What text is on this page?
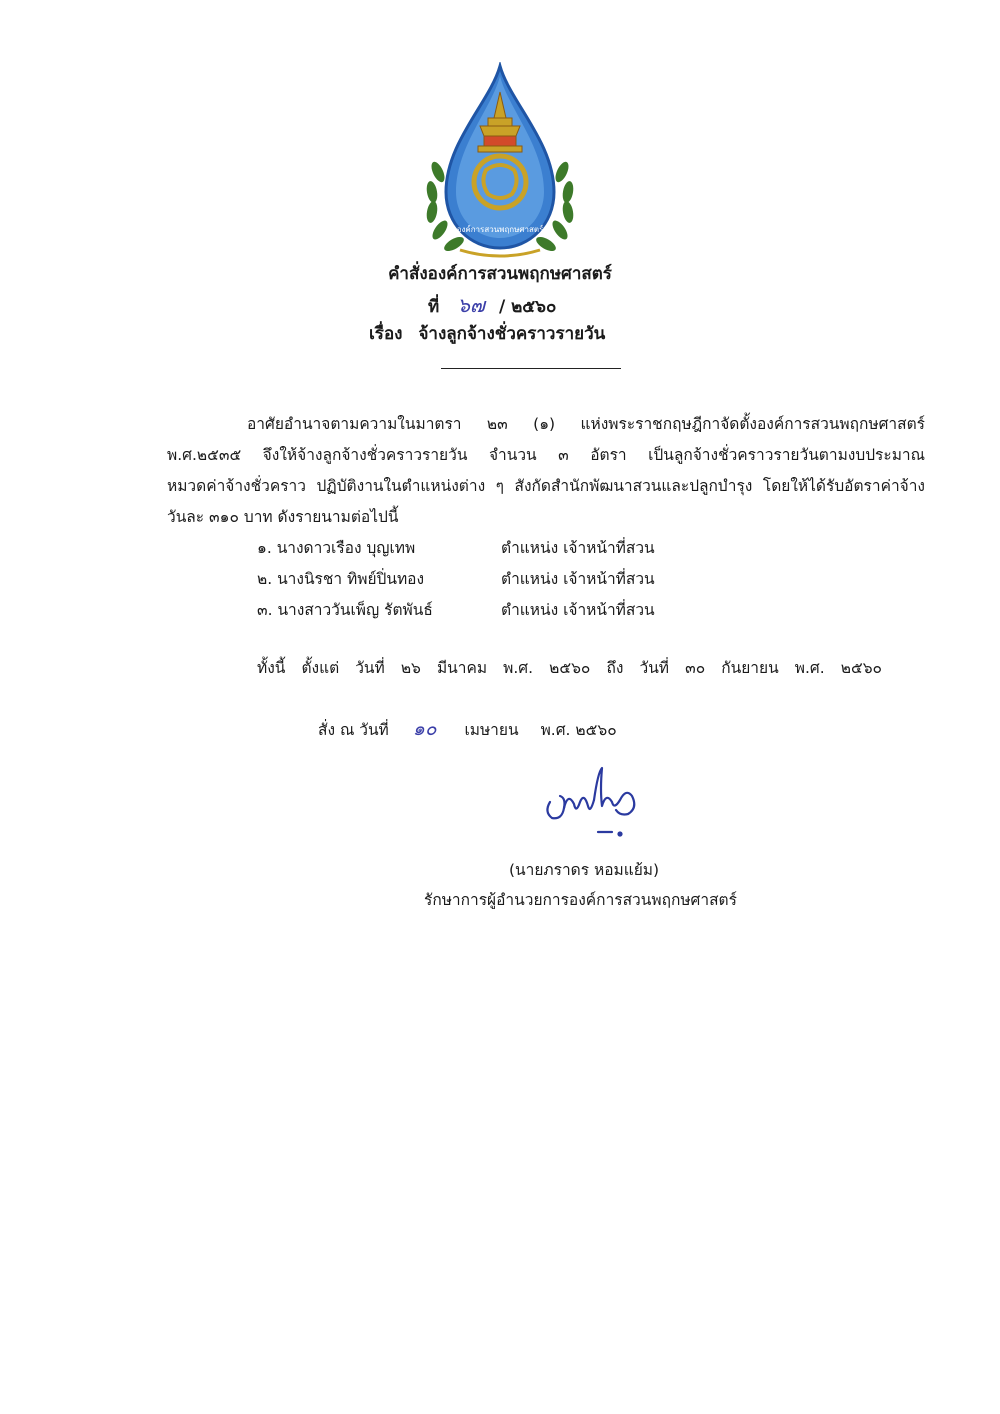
องค์การสวนพฤกษศาสตร์
คำสั่งองค์การสวนพฤกษศาสตร์
ที่ ๖๗ / ๒๕๖๐
เรื่อง จ้างลูกจ้างชั่วคราวรายวัน
อาศัยอำนาจตามความในมาตรา ๒๓ (๑) แห่งพระราชกฤษฎีกาจัดตั้งองค์การสวนพฤกษศาสตร์
พ.ศ.๒๕๓๕ จึงให้จ้างลูกจ้างชั่วคราวรายวัน จำนวน ๓ อัตรา เป็นลูกจ้างชั่วคราวรายวันตามงบประมาณ
หมวดค่าจ้างชั่วคราว ปฏิบัติงานในตำแหน่งต่าง ๆ สังกัดสำนักพัฒนาสวนและปลูกบำรุง โดยให้ได้รับอัตราค่าจ้าง
วันละ ๓๑๐ บาท ดังรายนามต่อไปนี้
๑. นางดาวเรือง บุญเทพ	ตำแหน่ง เจ้าหน้าที่สวน
๒. นางนิรชา ทิพย์ปิ่นทอง	ตำแหน่ง เจ้าหน้าที่สวน
๓. นางสาววันเพ็ญ รัตพันธ์	ตำแหน่ง เจ้าหน้าที่สวน
ทั้งนี้ ตั้งแต่ วันที่ ๒๖ มีนาคม พ.ศ. ๒๕๖๐ ถึง วันที่ ๓๐ กันยายน พ.ศ. ๒๕๖๐
สั่ง ณ วันที่ ๑๐ เมษายน พ.ศ. ๒๕๖๐
(นายภราดร หอมแย้ม)
รักษาการผู้อำนวยการองค์การสวนพฤกษศาสตร์
